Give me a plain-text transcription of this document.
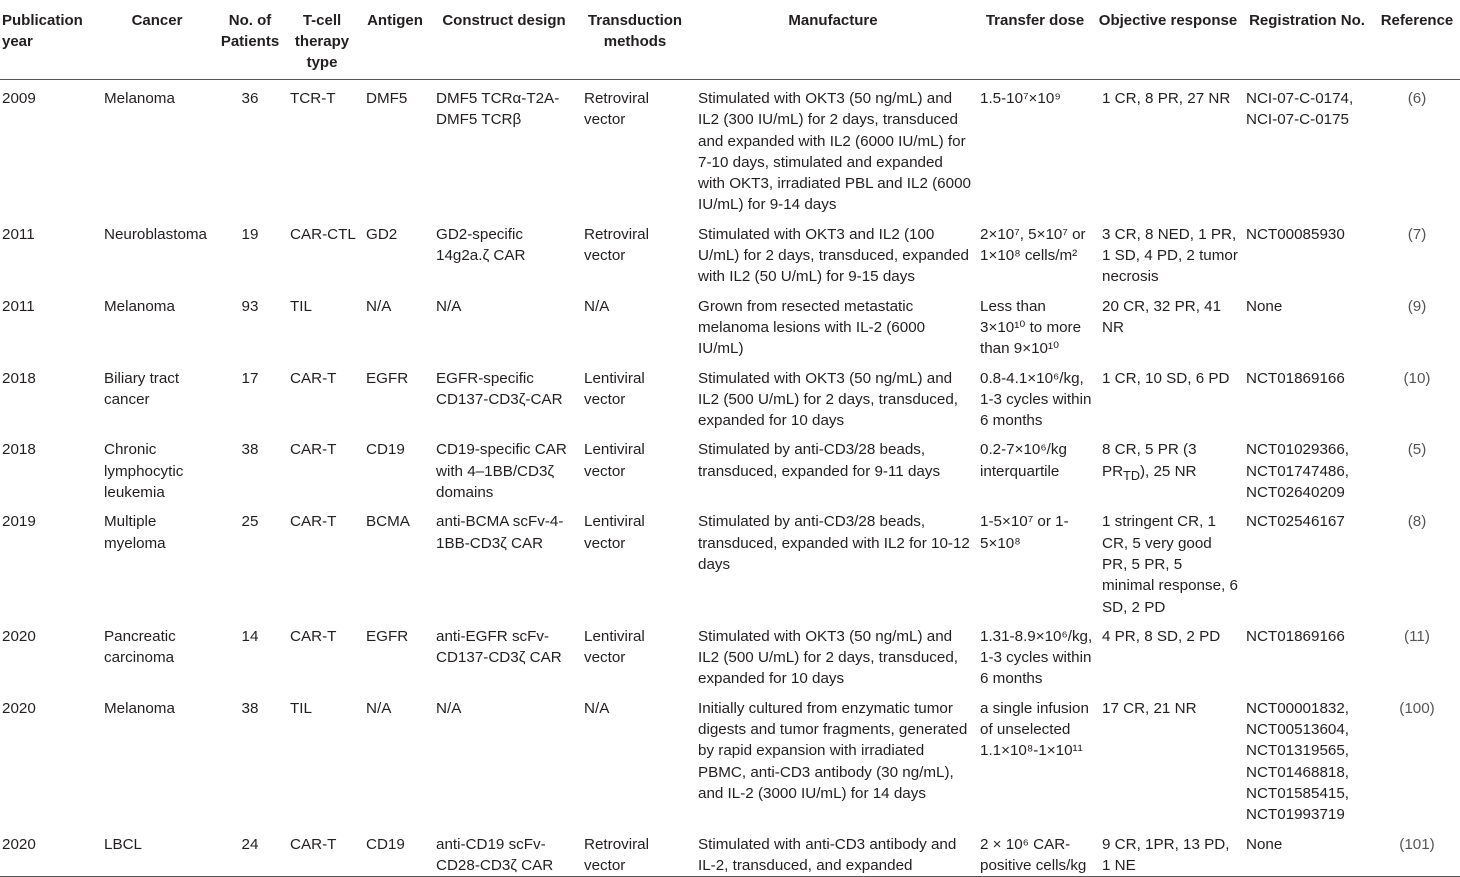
Publication year	Cancer	No. of Patients	T-cell therapy type	Antigen	Construct design	Transduction methods	Manufacture	Transfer dose	Objective response	Registration No.	Reference
2009	Melanoma	36	TCR-T	DMF5	DMF5 TCRα-T2A-DMF5 TCRβ	Retroviral vector	Stimulated with OKT3 (50 ng/mL) and IL2 (300 IU/mL) for 2 days, transduced and expanded with IL2 (6000 IU/mL) for 7-10 days, stimulated and expanded with OKT3, irradiated PBL and IL2 (6000 IU/mL) for 9-14 days	1.5-10⁷×10⁹	1 CR, 8 PR, 27 NR	NCI-07-C-0174, NCI-07-C-0175	(6)
2011	Neuroblastoma	19	CAR-CTL	GD2	GD2-specific 14g2a.ζ CAR	Retroviral vector	Stimulated with OKT3 and IL2 (100 U/mL) for 2 days, transduced, expanded with IL2 (50 U/mL) for 9-15 days	2×10⁷, 5×10⁷ or 1×10⁸ cells/m²	3 CR, 8 NED, 1 PR, 1 SD, 4 PD, 2 tumor necrosis	NCT00085930	(7)
2011	Melanoma	93	TIL	N/A	N/A	N/A	Grown from resected metastatic melanoma lesions with IL-2 (6000 IU/mL)	Less than 3×10¹⁰ to more than 9×10¹⁰	20 CR, 32 PR, 41 NR	None	(9)
2018	Biliary tract cancer	17	CAR-T	EGFR	EGFR-specific CD137-CD3ζ-CAR	Lentiviral vector	Stimulated with OKT3 (50 ng/mL) and IL2 (500 U/mL) for 2 days, transduced, expanded for 10 days	0.8-4.1×10⁶/kg, 1-3 cycles within 6 months	1 CR, 10 SD, 6 PD	NCT01869166	(10)
2018	Chronic lymphocytic leukemia	38	CAR-T	CD19	CD19-specific CAR with 4–1BB/CD3ζ domains	Lentiviral vector	Stimulated by anti-CD3/28 beads, transduced, expanded for 9-11 days	0.2-7×10⁶/kg interquartile	8 CR, 5 PR (3 $PR_{TD}$), 25 NR	NCT01029366, NCT01747486, NCT02640209	(5)
2019	Multiple myeloma	25	CAR-T	BCMA	anti-BCMA scFv-4-1BB-CD3ζ CAR	Lentiviral vector	Stimulated by anti-CD3/28 beads, transduced, expanded with IL2 for 10-12 days	1-5×10⁷ or 1-5×10⁸	1 stringent CR, 1 CR, 5 very good PR, 5 PR, 5 minimal response, 6 SD, 2 PD	NCT02546167	(8)
2020	Pancreatic carcinoma	14	CAR-T	EGFR	anti-EGFR scFv-CD137-CD3ζ CAR	Lentiviral vector	Stimulated with OKT3 (50 ng/mL) and IL2 (500 U/mL) for 2 days, transduced, expanded for 10 days	1.31-8.9×10⁶/kg, 1-3 cycles within 6 months	4 PR, 8 SD, 2 PD	NCT01869166	(11)
2020	Melanoma	38	TIL	N/A	N/A	N/A	Initially cultured from enzymatic tumor digests and tumor fragments, generated by rapid expansion with irradiated PBMC, anti-CD3 antibody (30 ng/mL), and IL-2 (3000 IU/mL) for 14 days	a single infusion of unselected 1.1×10⁸-1×10¹¹	17 CR, 21 NR	NCT00001832, NCT00513604, NCT01319565, NCT01468818, NCT01585415, NCT01993719	(100)
2020	LBCL	24	CAR-T	CD19	anti-CD19 scFv-CD28-CD3ζ CAR	Retroviral vector	Stimulated with anti-CD3 antibody and IL-2, transduced, and expanded	2 × 10⁶ CAR-positive cells/kg	9 CR, 1PR, 13 PD, 1 NE	None	(101)
